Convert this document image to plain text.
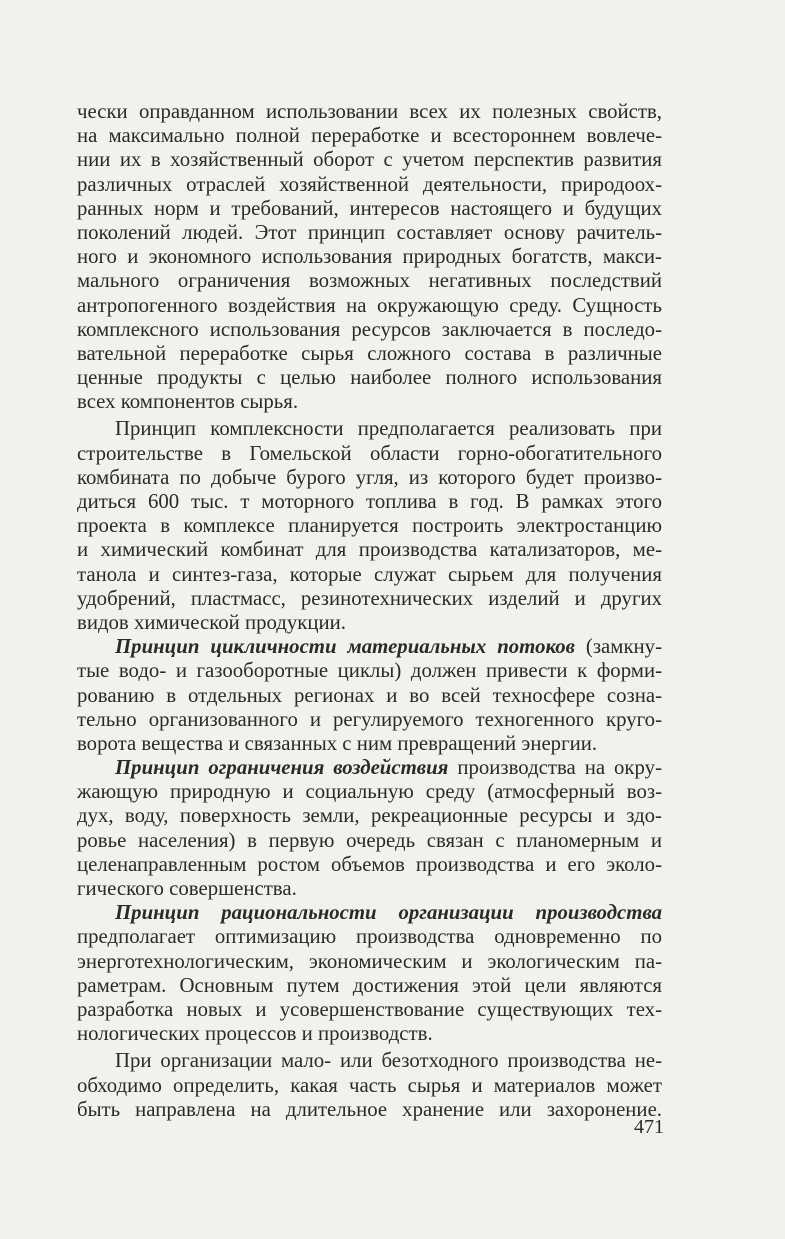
чески оправданном использовании всех их полезных свойств,
на максимально полной переработке и всестороннем вовлече-
нии их в хозяйственный оборот с учетом перспектив развития
различных отраслей хозяйственной деятельности, природоох-
ранных норм и требований, интересов настоящего и будущих
поколений людей. Этот принцип составляет основу рачитель-
ного и экономного использования природных богатств, макси-
мального ограничения возможных негативных последствий
антропогенного воздействия на окружающую среду. Сущность
комплексного использования ресурсов заключается в последо-
вательной переработке сырья сложного состава в различные
ценные продукты с целью наиболее полного использования
всех компонентов сырья.
Принцип комплексности предполагается реализовать при
строительстве в Гомельской области горно-обогатительного
комбината по добыче бурого угля, из которого будет произво-
диться 600 тыс. т моторного топлива в год. В рамках этого
проекта в комплексе планируется построить электростанцию
и химический комбинат для производства катализаторов, ме-
танола и синтез-газа, которые служат сырьем для получения
удобрений, пластмасс, резинотехнических изделий и других
видов химической продукции.
Принцип цикличности материальных потоков (замкну-
тые водо- и газооборотные циклы) должен привести к форми-
рованию в отдельных регионах и во всей техносфере созна-
тельно организованного и регулируемого техногенного круго-
ворота вещества и связанных с ним превращений энергии.
Принцип ограничения воздействия производства на окру-
жающую природную и социальную среду (атмосферный воз-
дух, воду, поверхность земли, рекреационные ресурсы и здо-
ровье населения) в первую очередь связан с планомерным и
целенаправленным ростом объемов производства и его эколо-
гического совершенства.
Принцип рациональности организации производства
предполагает оптимизацию производства одновременно по
энерготехнологическим, экономическим и экологическим па-
раметрам. Основным путем достижения этой цели являются
разработка новых и усовершенствование существующих тех-
нологических процессов и производств.
При организации мало- или безотходного производства не-
обходимо определить, какая часть сырья и материалов может
быть направлена на длительное хранение или захоронение.
471
